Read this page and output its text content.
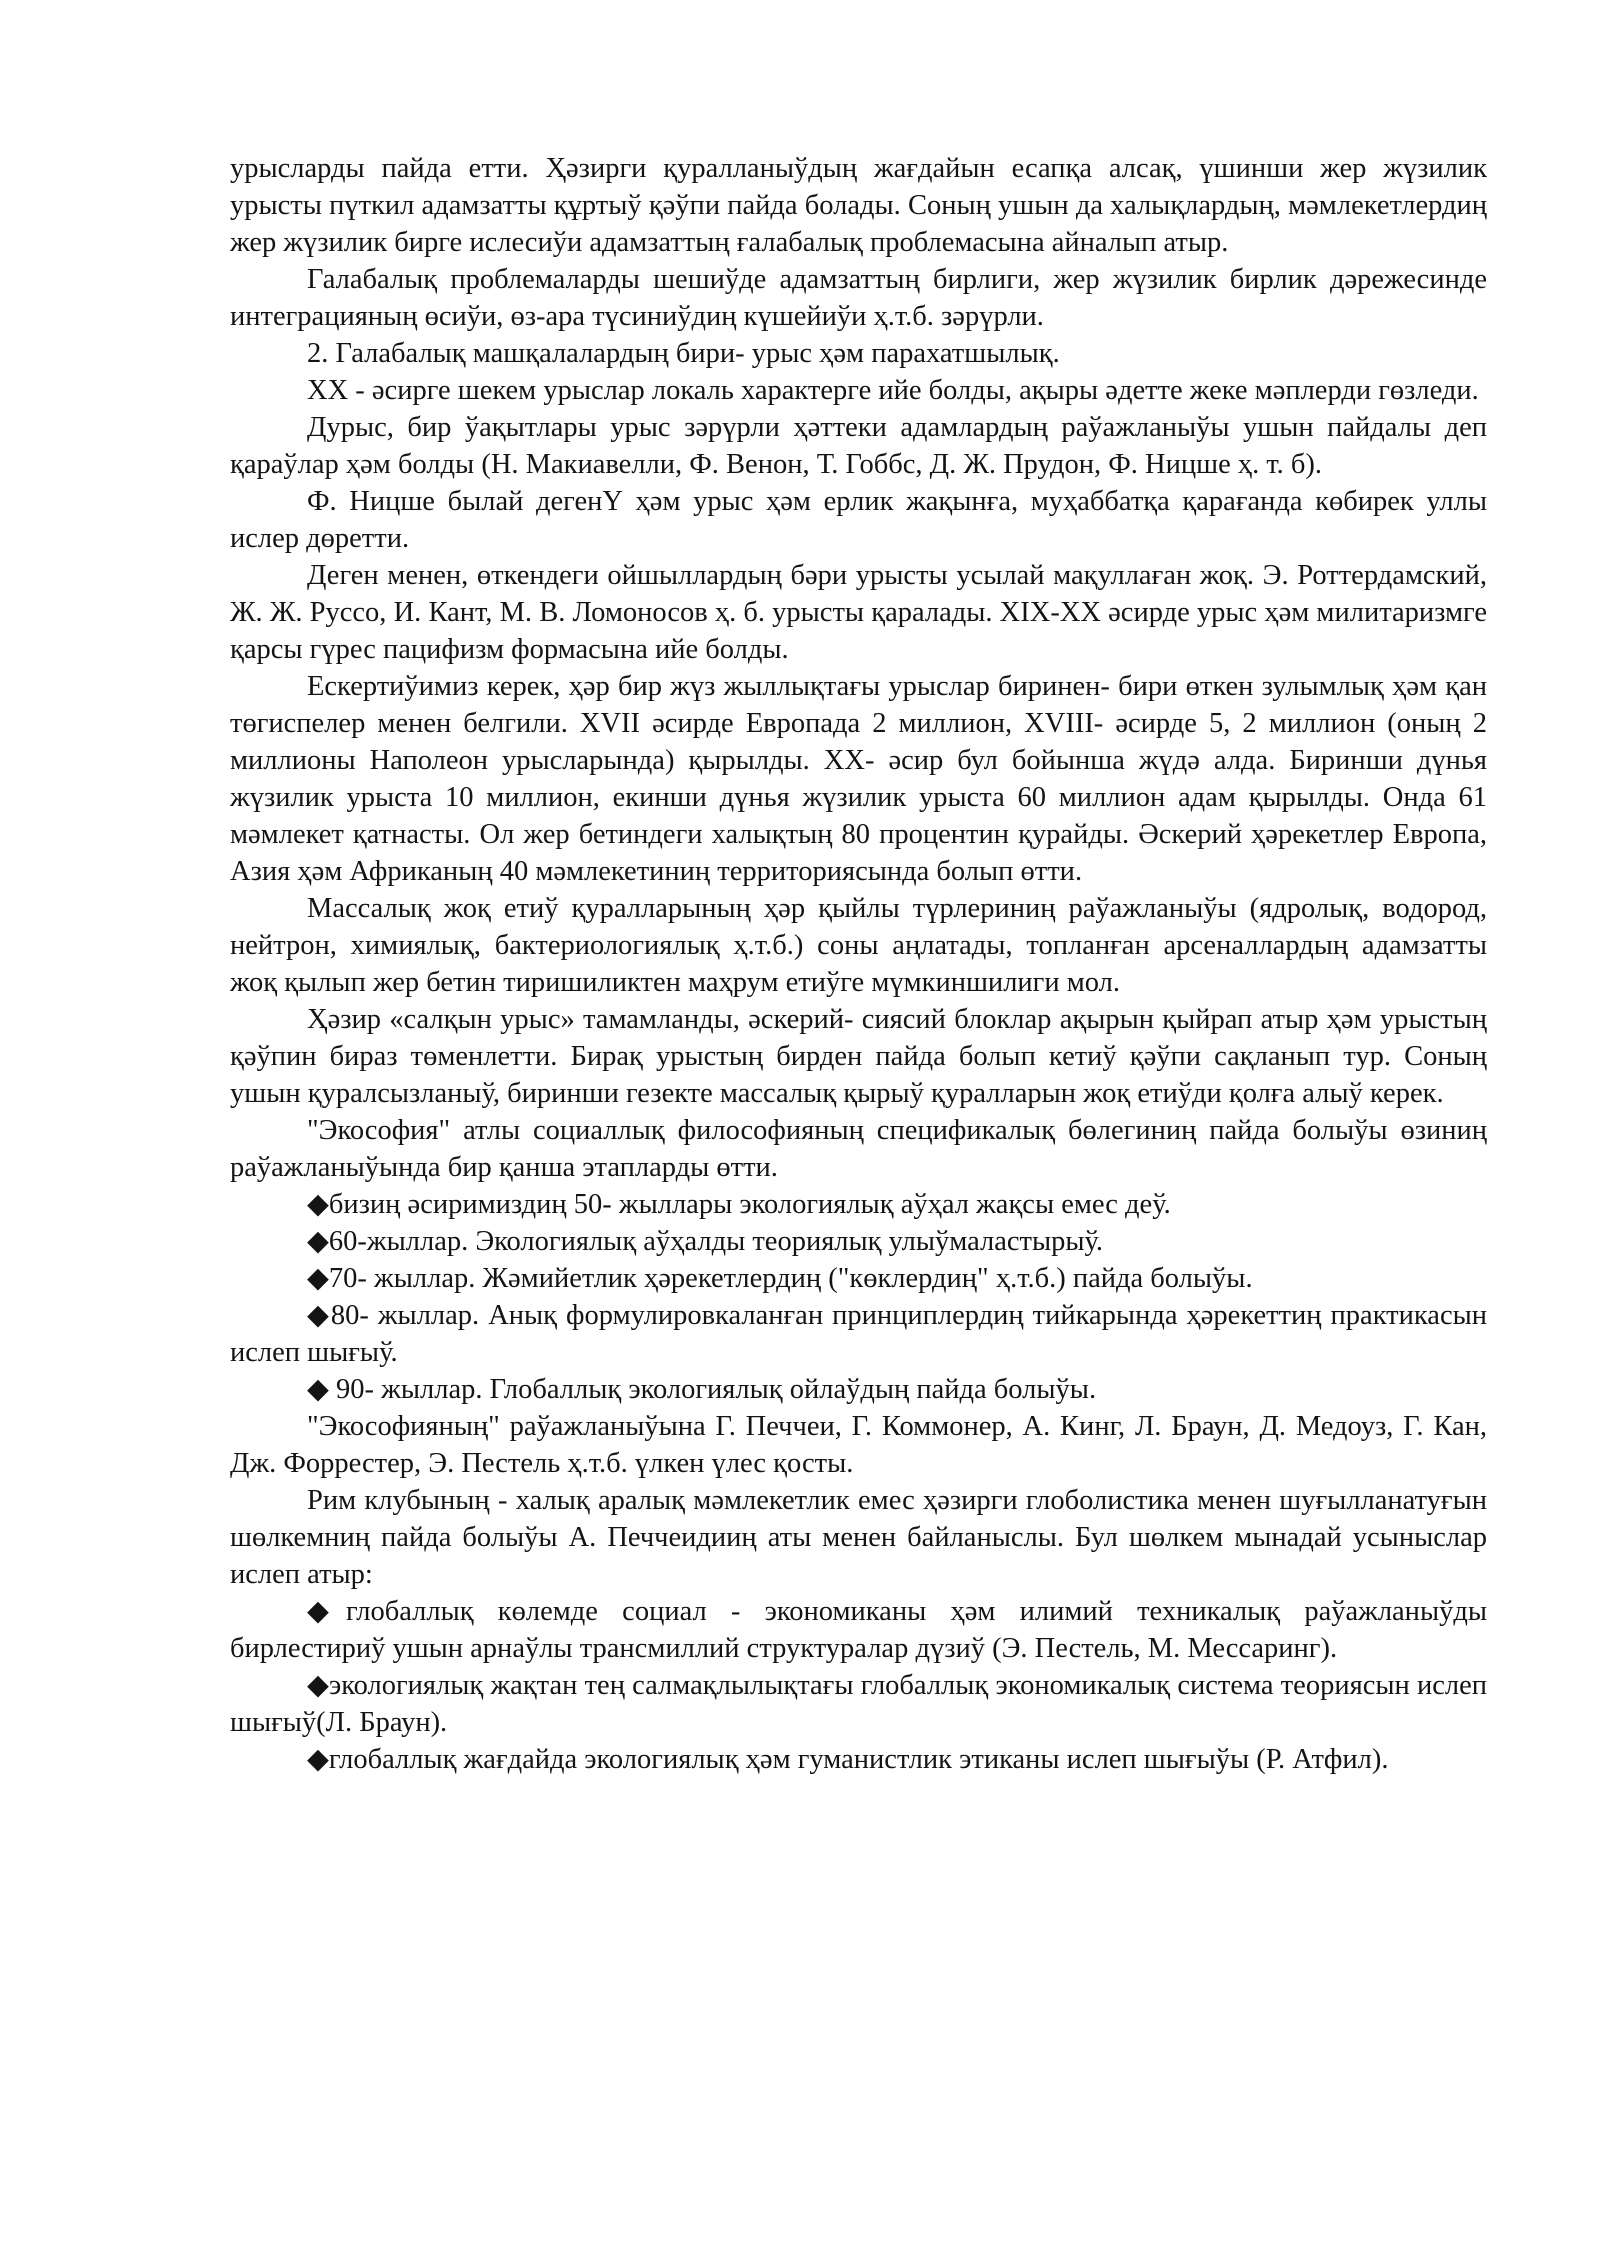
урысларды пайда етти. Ҳәзирги қуралланыўдың жағдайын есапқа алсақ, үшинши жер жүзилик урысты пүткил адамзатты құртыў қәўпи пайда болады. Соның ушын да халықлардың, мәмлекетлердиң жер жүзилик бирге ислесиўи адамзаттың ғалабалық проблемасына айналып атыр.

Галабалық проблемаларды шешиўде адамзаттың бирлиги, жер жүзилик бирлик дәрежесинде интеграцияның өсиўи, өз-ара түсиниўдиң күшейиўи ҳ.т.б. зәрүрли.

2. Галабалық машқалалардың бири- урыс ҳәм парахатшылық.

XX - әсирге шекем урыслар локаль характерге ийе болды, ақыры әдетте жеке мәплерди гөзледи.

Дурыс, бир ўақытлары урыс зәрүрли ҳәттеки адамлардың раўажланыўы ушын пайдалы деп қараўлар ҳәм болды (Н. Макиавелли, Ф. Венон, Т. Гоббс, Д. Ж. Прудон, Ф. Ницше ҳ. т. б).

Ф. Ницше былай дегенҮ ҳәм урыс ҳәм ерлик жақынға, муҳаббатқа қарағанда көбирек уллы ислер дөретти.

Деген менен, өткендеги ойшыллардың бәри урысты усылай мақуллаған жоқ. Э. Роттердамский, Ж. Ж. Руссо, И. Кант, М. В. Ломоносов ҳ. б. урысты қаралады. XIX-XX әсирде урыс ҳәм милитаризмге қарсы гүрес пацифизм формасына ийе болды.

Ескертиўимиз керек, ҳәр бир жүз жыллықтағы урыслар биринен- бири өткен зулымлық ҳәм қан төгиспелер менен белгили. XVII әсирде Европада 2 миллион, XVIII- әсирде 5, 2 миллион (оның 2 миллионы Наполеон урысларында) қырылды. XX- әсир бул бойынша жүдә алда. Биринши дүнья жүзилик урыста 10 миллион, екинши дүнья жүзилик урыста 60 миллион адам қырылды. Онда 61 мәмлекет қатнасты. Ол жер бетиндеги халықтың 80 процентин қурайды. Әскерий ҳәрекетлер Европа, Азия ҳәм Африканың 40 мәмлекетиниң территориясында болып өтти.

Массалық жоқ етиў қуралларының ҳәр қыйлы түрлериниң раўажланыўы (ядролық, водород, нейтрон, химиялық, бактериологиялық ҳ.т.б.) соны аңлатады, топланған арсеналлардың адамзатты жоқ қылып жер бетин тиришиликтен маҳрум етиўге мүмкиншилиги мол.

Ҳәзир «салқын урыс» тамамланды, әскерий- сиясий блоклар ақырын қыйрап атыр ҳәм урыстың қәўпин бираз төменлетти. Бирақ урыстың бирден пайда болып кетиў қәўпи сақланып тур. Соның ушын қуралсызланыў, биринши гезекте массалық қырыў қуралларын жоқ етиўди қолға алыў керек.

"Экософия" атлы социаллық философияның спецификалық бөлегиниң пайда болыўы өзиниң раўажланыўында бир қанша этапларды өтти.

◆бизиң әсиримиздиң 50- жыллары экологиялық аўҳал жақсы емес деў.

◆60-жыллар. Экологиялық аўҳалды теориялық улыўмаластырыў.

◆70- жыллар. Жәмийетлик ҳәрекетлердиң ("көклердиң" ҳ.т.б.) пайда болыўы.

◆80- жыллар. Анық формулировкаланған принциплердиң тийкарында ҳәрекеттиң практикасын ислеп шығыў.

◆ 90- жыллар. Глобаллық экологиялық ойлаўдың пайда болыўы.

"Экософияның" раўажланыўына Г. Печчеи, Г. Коммонер, А. Кинг, Л. Браун, Д. Медоуз, Г. Кан, Дж. Форрестер, Э. Пестель ҳ.т.б. үлкен үлес қосты.

Рим клубының - халық аралық мәмлекетлик емес ҳәзирги глоболистика менен шуғылланатуғын шөлкемниң пайда болыўы А. Печчеидииң аты менен байланыслы. Бул шөлкем мынадай усыныслар ислеп атыр:

◆глобаллық көлемде социал - экономиканы ҳәм илимий техникалық раўажланыўды бирлестириў ушын арнаўлы трансмиллий структуралар дүзиў (Э. Пестель, М. Мессаринг).

◆экологиялық жақтан тең салмақлылықтағы глобаллық экономикалық система теориясын ислеп шығыў(Л. Браун).

◆глобаллық жағдайда экологиялық ҳәм гуманистлик этиканы ислеп шығыўы (Р. Атфил).
